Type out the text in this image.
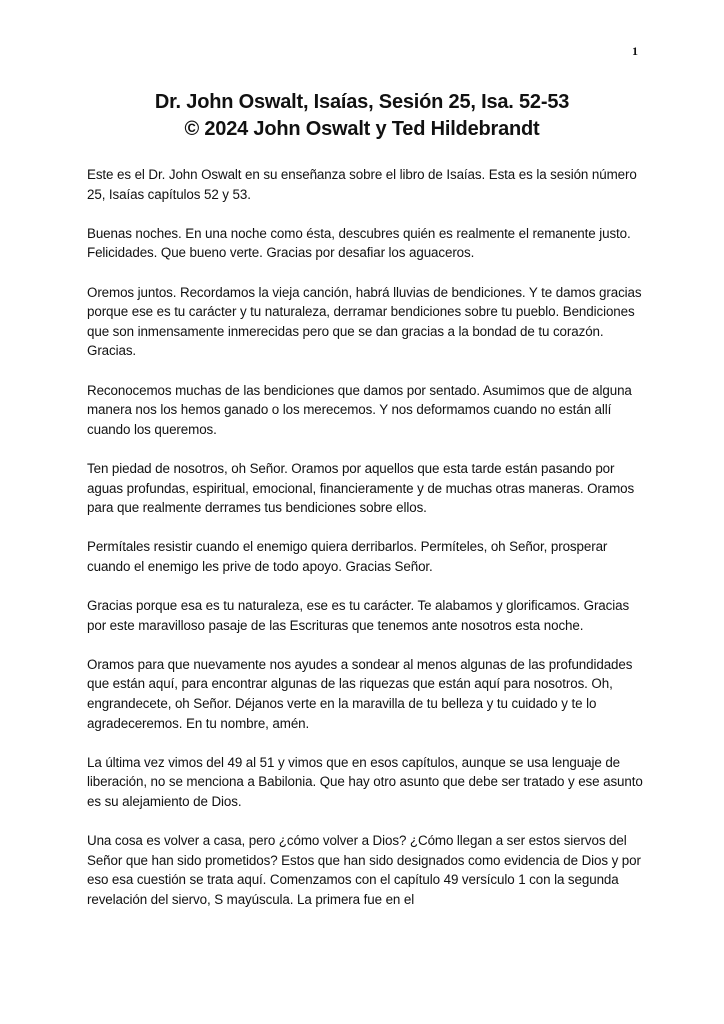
1
Dr. John Oswalt, Isaías, Sesión 25, Isa. 52-53
© 2024 John Oswalt y Ted Hildebrandt

Este es el Dr. John Oswalt en su enseñanza sobre el libro de Isaías. Esta es la sesión número 25, Isaías capítulos 52 y 53.

Buenas noches. En una noche como ésta, descubres quién es realmente el remanente justo. Felicidades. Que bueno verte. Gracias por desafiar los aguaceros.

Oremos juntos. Recordamos la vieja canción, habrá lluvias de bendiciones. Y te damos gracias porque ese es tu carácter y tu naturaleza, derramar bendiciones sobre tu pueblo. Bendiciones que son inmensamente inmerecidas pero que se dan gracias a la bondad de tu corazón. Gracias.

Reconocemos muchas de las bendiciones que damos por sentado. Asumimos que de alguna manera nos los hemos ganado o los merecemos. Y nos deformamos cuando no están allí cuando los queremos.

Ten piedad de nosotros, oh Señor. Oramos por aquellos que esta tarde están pasando por aguas profundas, espiritual, emocional, financieramente y de muchas otras maneras. Oramos para que realmente derrames tus bendiciones sobre ellos.

Permítales resistir cuando el enemigo quiera derribarlos. Permíteles, oh Señor, prosperar cuando el enemigo les prive de todo apoyo. Gracias Señor.

Gracias porque esa es tu naturaleza, ese es tu carácter. Te alabamos y glorificamos. Gracias por este maravilloso pasaje de las Escrituras que tenemos ante nosotros esta noche.

Oramos para que nuevamente nos ayudes a sondear al menos algunas de las profundidades que están aquí, para encontrar algunas de las riquezas que están aquí para nosotros. Oh, engrandecete, oh Señor. Déjanos verte en la maravilla de tu belleza y tu cuidado y te lo agradeceremos. En tu nombre, amén.

La última vez vimos del 49 al 51 y vimos que en esos capítulos, aunque se usa lenguaje de liberación, no se menciona a Babilonia. Que hay otro asunto que debe ser tratado y ese asunto es su alejamiento de Dios.

Una cosa es volver a casa, pero ¿cómo volver a Dios? ¿Cómo llegan a ser estos siervos del Señor que han sido prometidos? Estos que han sido designados como evidencia de Dios y por eso esa cuestión se trata aquí. Comenzamos con el capítulo 49 versículo 1 con la segunda revelación del siervo, S mayúscula. La primera fue en el
